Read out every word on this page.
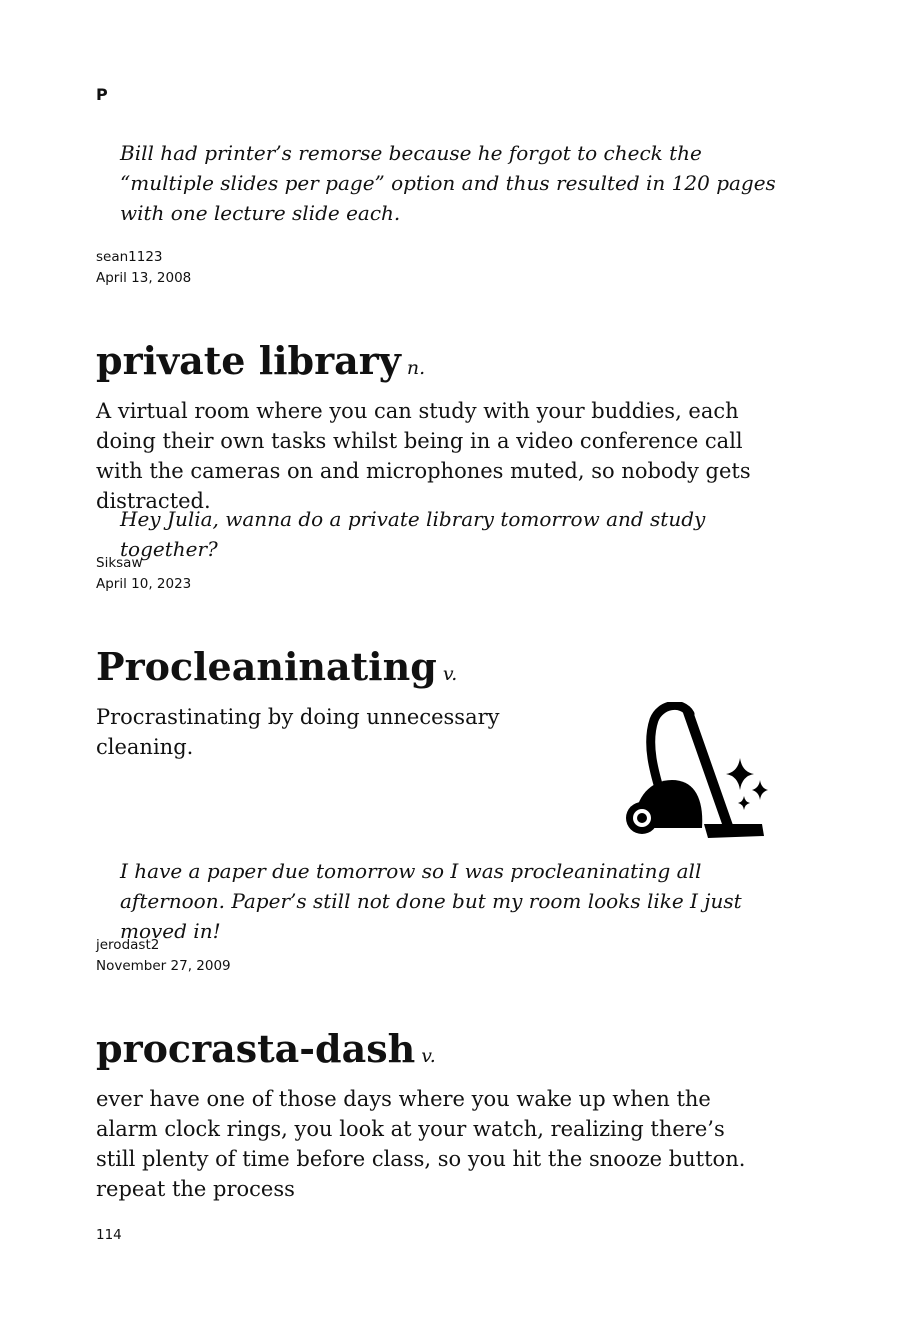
P

Bill had printer’s remorse because he forgot to check the “multiple slides per page” option and thus resulted in 120 pages with one lecture slide each.

sean1123
April 13, 2008
private library n.

A virtual room where you can study with your buddies, each doing their own tasks whilst being in a video conference call with the cameras on and microphones muted, so nobody gets distracted.

Hey Julia, wanna do a private library tomorrow and study together?

Siksaw
April 10, 2023
Procleaninating v.

Procrastinating by doing unnecessary cleaning.

I have a paper due tomorrow so I was procleaninating all afternoon. Paper’s still not done but my room looks like I just moved in!

jerodast2
November 27, 2009
procrasta-dash v.

ever have one of those days where you wake up when the alarm clock rings, you look at your watch, realizing there’s still plenty of time before class, so you hit the snooze button. repeat the process

114
